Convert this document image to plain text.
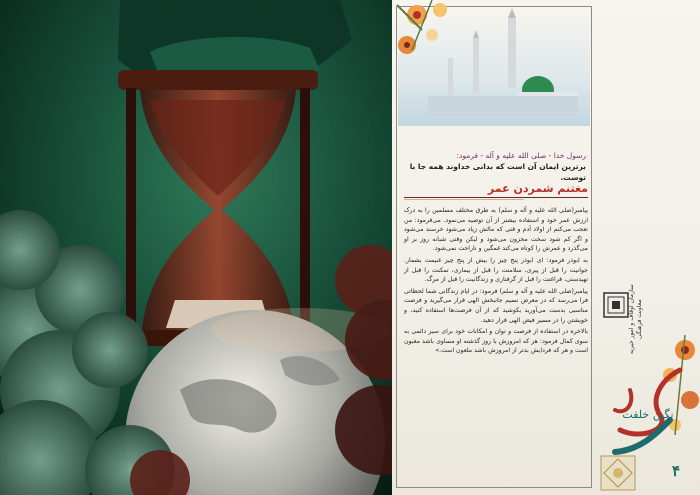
رسول خدا - صلی الله علیه و آله - فرمود:
برترین ایمان آن است که بدانی خداوند همه جا با توست.
مغتنم شمردن عمر

پیامبر(صلی الله علیه و آله و سلم) به طرق مختلف مسلمین را به درک ارزش عمر خود و استفاده بیشتر از آن توصیه می‌نمود. می‌فرمود: من تعجب می‌کنم از اولاد آدم و قتی که مالش زیاد می‌شود خرسند می‌شود و اگر کم شود سخت محزون می‌شود و لیکن وقتی شبانه روز بر او می‌گذرد و عمرش را کوتاه می‌کند غمگین و ناراحت نمی‌شود.

به ابوذر فرمود: ای ابوذر پنج چیز را بیش از پنج چیز غنیمت بشمار. جوانیت را قبل از پیری، سلامتت را قبل از بیماری، تمکنت را قبل از تهیدستی، فراغتت را قبل از گرفتاری و زندگانیت را قبل از مرگ.

پیامبر(صلی الله علیه و آله و سلم) فرمود: در ایام زندگانی شما لحظاتی فرا می‌رسد که در معرض نسیم جانبخش الهی قرار می‌گیرید و فرصت مناسبی بدست می‌آورید بکوشید که از آن فرصت‌ها استفاده کنید، و خویشتن را در مسیر فیض الهی قرار دهید.

بالاخره در استفاده از فرصت و توان و امکانات خود برای سیر دائمی به سوی کمال فرمود: هر که امروزش با روز گذشته او مساوی باشد مغبون است و هر که فردایش بدتر از امروزش باشد ملعون است.»	سازمان اوقاف و امور خیریه معاونت فرهنگی
نگین خلقت
۴
